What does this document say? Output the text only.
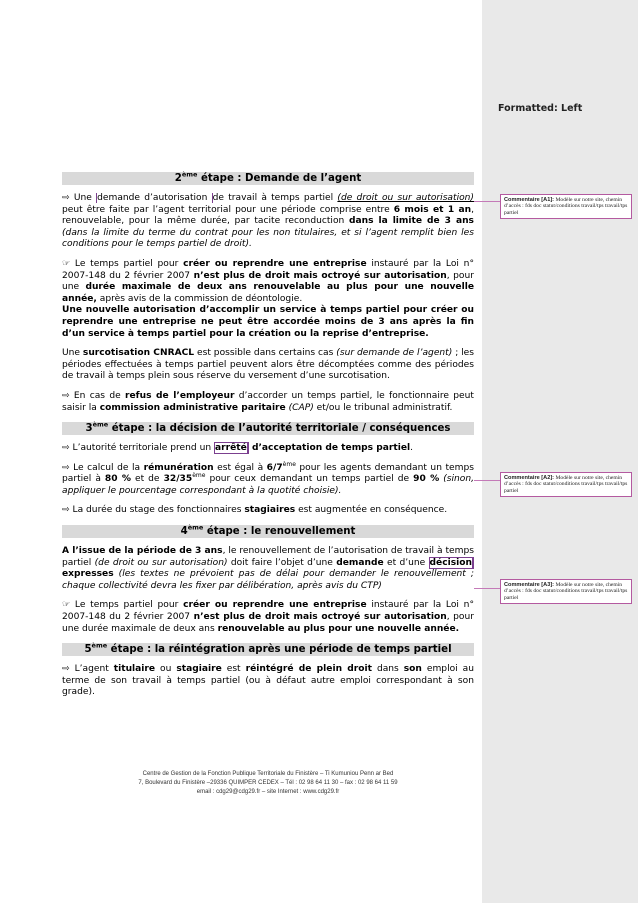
Formatted: Left
Commentaire [A1]: Modèle sur notre site, chemin d’accès : fds doc statut/conditions travail/tps travail/tps partiel
Commentaire [A2]: Modèle sur notre site, chemin d’accès : fds doc statut/conditions travail/tps travail/tps partiel
Commentaire [A3]: Modèle sur notre site, chemin d’accès : fds doc statut/conditions travail/tps travail/tps partiel
2ème étape : Demande de l’agent

⇨ Une demande d’autorisation de travail à temps partiel (de droit ou sur autorisation) peut être faite par l’agent territorial pour une période comprise entre 6 mois et 1 an, renouvelable, pour la même durée, par tacite reconduction dans la limite de 3 ans (dans la limite du terme du contrat pour les non titulaires, et si l’agent remplit bien les conditions pour le temps partiel de droit).

☞ Le temps partiel pour créer ou reprendre une entreprise instauré par la Loi n° 2007-148 du 2 février 2007 n’est plus de droit mais octroyé sur autorisation, pour une durée maximale de deux ans renouvelable au plus pour une nouvelle année, après avis de la commission de déontologie.
Une nouvelle autorisation d’accomplir un service à temps partiel pour créer ou reprendre une entreprise ne peut être accordée moins de 3 ans après la fin d’un service à temps partiel pour la création ou la reprise d’entreprise.

Une surcotisation CNRACL est possible dans certains cas (sur demande de l’agent) ; les périodes effectuées à temps partiel peuvent alors être décomptées comme des périodes de travail à temps plein sous réserve du versement d’une surcotisation.

⇨ En cas de refus de l’employeur d’accorder un temps partiel, le fonctionnaire peut saisir la commission administrative paritaire (CAP) et/ou le tribunal administratif.

3ème étape : la décision de l’autorité territoriale / conséquences

⇨ L’autorité territoriale prend un arrêté d’acceptation de temps partiel.

⇨ Le calcul de la rémunération est égal à 6/7ème pour les agents demandant un temps partiel à 80 % et de 32/35ème pour ceux demandant un temps partiel de 90 % (sinon, appliquer le pourcentage correspondant à la quotité choisie).

⇨ La durée du stage des fonctionnaires stagiaires est augmentée en conséquence.

4ème étape : le renouvellement

A l’issue de la période de 3 ans, le renouvellement de l’autorisation de travail à temps partiel (de droit ou sur autorisation) doit faire l’objet d’une demande et d’une décision expresses (les textes ne prévoient pas de délai pour demander le renouvellement ; chaque collectivité devra les fixer par délibération, après avis du CTP)

☞ Le temps partiel pour créer ou reprendre une entreprise instauré par la Loi n° 2007-148 du 2 février 2007 n’est plus de droit mais octroyé sur autorisation, pour une durée maximale de deux ans renouvelable au plus pour une nouvelle année.

5ème étape : la réintégration après une période de temps partiel

⇨ L’agent titulaire ou stagiaire est réintégré de plein droit dans son emploi au terme de son travail à temps partiel (ou à défaut autre emploi correspondant à son grade).

Centre de Gestion de la Fonction Publique Territoriale du Finistère – Ti Kumuniou Penn ar Bed
7, Boulevard du Finistère –29336 QUIMPER CEDEX – Tél : 02 98 64 11 30 – fax : 02 98 64 11 59
email : cdg29@cdg29.fr – site Internet : www.cdg29.fr
